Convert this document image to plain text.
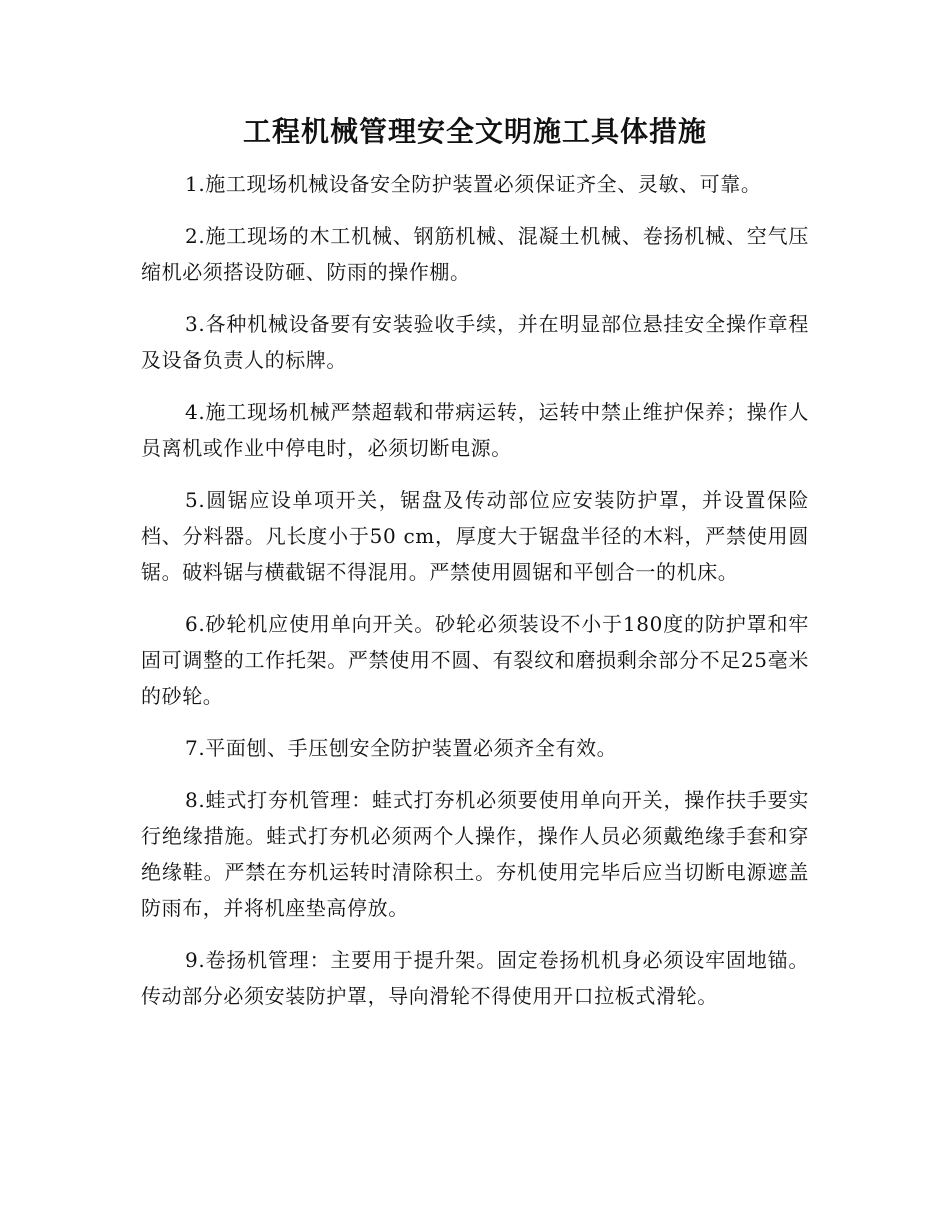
工程机械管理安全文明施工具体措施

1.施工现场机械设备安全防护装置必须保证齐全、灵敏、可靠。

2.施工现场的木工机械、钢筋机械、混凝土机械、卷扬机械、空气压缩机必须搭设防砸、防雨的操作棚。

3.各种机械设备要有安装验收手续，并在明显部位悬挂安全操作章程及设备负责人的标牌。

4.施工现场机械严禁超载和带病运转，运转中禁止维护保养；操作人员离机或作业中停电时，必须切断电源。

5.圆锯应设单项开关，锯盘及传动部位应安装防护罩，并设置保险档、分料器。凡长度小于50 cm，厚度大于锯盘半径的木料，严禁使用圆锯。破料锯与横截锯不得混用。严禁使用圆锯和平刨合一的机床。

6.砂轮机应使用单向开关。砂轮必须装设不小于180度的防护罩和牢固可调整的工作托架。严禁使用不圆、有裂纹和磨损剩余部分不足25毫米的砂轮。

7.平面刨、手压刨安全防护装置必须齐全有效。

8.蛙式打夯机管理：蛙式打夯机必须要使用单向开关，操作扶手要实行绝缘措施。蛙式打夯机必须两个人操作，操作人员必须戴绝缘手套和穿绝缘鞋。严禁在夯机运转时清除积土。夯机使用完毕后应当切断电源遮盖防雨布，并将机座垫高停放。

9.卷扬机管理：主要用于提升架。固定卷扬机机身必须设牢固地锚。传动部分必须安装防护罩，导向滑轮不得使用开口拉板式滑轮。
